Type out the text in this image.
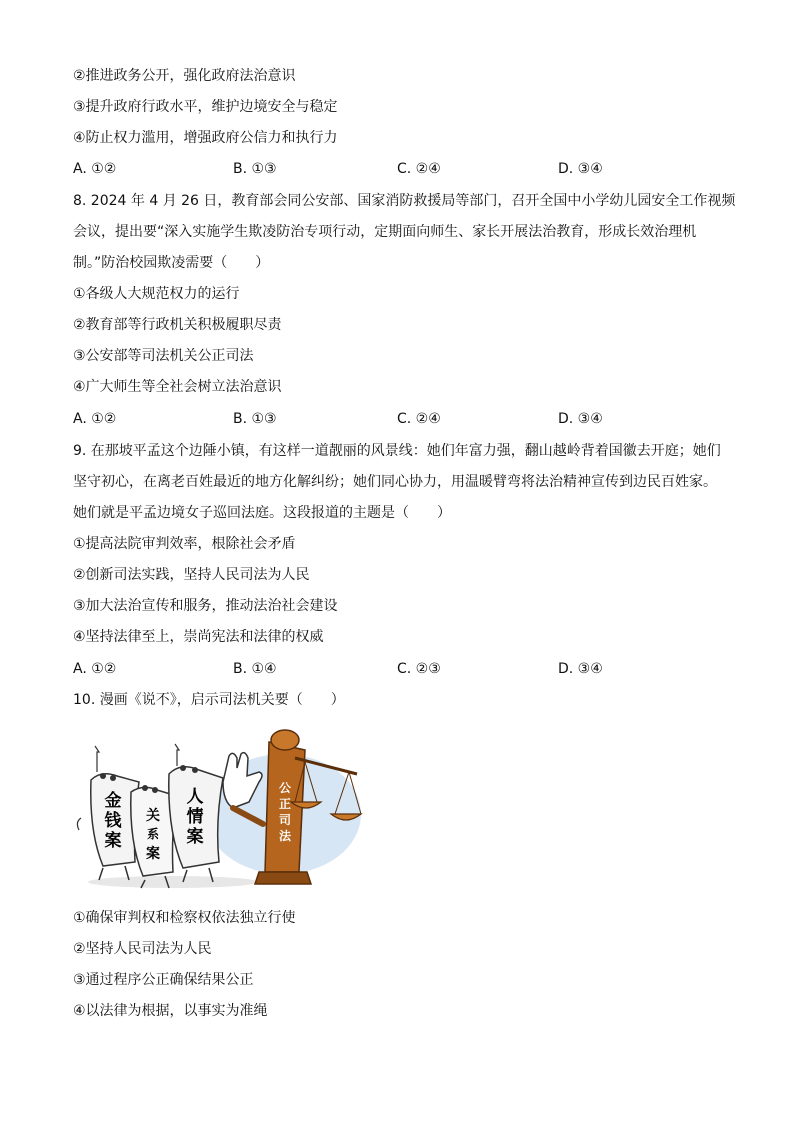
②推进政务公开，强化政府法治意识
③提升政府行政水平，维护边境安全与稳定
④防止权力滥用，增强政府公信力和执行力
A. ①②	B. ①③	C. ②④	D. ③④
8. 2024 年 4 月 26 日，教育部会同公安部、国家消防救援局等部门，召开全国中小学幼儿园安全工作视频
会议，提出要“深入实施学生欺凌防治专项行动，定期面向师生、家长开展法治教育，形成长效治理机
制。”防治校园欺凌需要（　　）
①各级人大规范权力的运行
②教育部等行政机关积极履职尽责
③公安部等司法机关公正司法
④广大师生等全社会树立法治意识
A. ①②	B. ①③	C. ②④	D. ③④
9. 在那坡平孟这个边陲小镇，有这样一道靓丽的风景线：她们年富力强，翻山越岭背着国徽去开庭；她们
坚守初心，在离老百姓最近的地方化解纠纷；她们同心协力，用温暖臂弯将法治精神宣传到边民百姓家。
她们就是平孟边境女子巡回法庭。这段报道的主题是（　　）
①提高法院审判效率，根除社会矛盾
②创新司法实践，坚持人民司法为人民
③加大法治宣传和服务，推动法治社会建设
④坚持法律至上，崇尚宪法和法律的权威
A. ①②	B. ①④	C. ②③	D. ③④
10. 漫画《说不》，启示司法机关要（　　）
金
钱
案
关
系
案
人
情
案
公
正
司
法
①确保审判权和检察权依法独立行使
②坚持人民司法为人民
③通过程序公正确保结果公正
④以法律为根据，以事实为准绳
